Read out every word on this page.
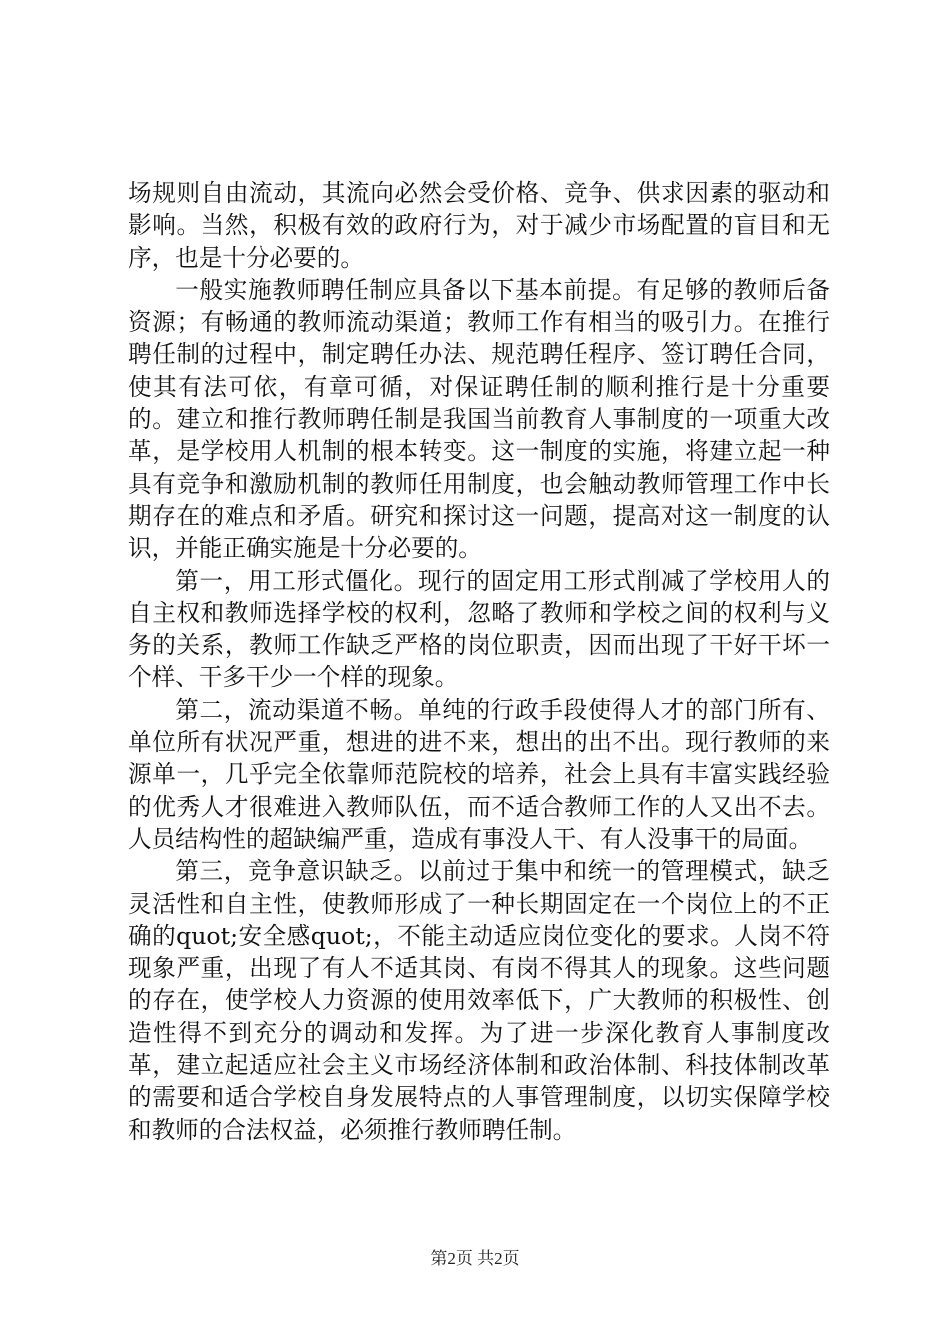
场规则自由流动，其流向必然会受价格、竞争、供求因素的驱动和影响。当然，积极有效的政府行为，对于减少市场配置的盲目和无序，也是十分必要的。

一般实施教师聘任制应具备以下基本前提。有足够的教师后备资源；有畅通的教师流动渠道；教师工作有相当的吸引力。在推行聘任制的过程中，制定聘任办法、规范聘任程序、签订聘任合同，使其有法可依，有章可循，对保证聘任制的顺利推行是十分重要的。建立和推行教师聘任制是我国当前教育人事制度的一项重大改革，是学校用人机制的根本转变。这一制度的实施，将建立起一种具有竞争和激励机制的教师任用制度，也会触动教师管理工作中长期存在的难点和矛盾。研究和探讨这一问题，提高对这一制度的认识，并能正确实施是十分必要的。

第一，用工形式僵化。现行的固定用工形式削减了学校用人的自主权和教师选择学校的权利，忽略了教师和学校之间的权利与义务的关系，教师工作缺乏严格的岗位职责，因而出现了干好干坏一个样、干多干少一个样的现象。

第二，流动渠道不畅。单纯的行政手段使得人才的部门所有、单位所有状况严重，想进的进不来，想出的出不出。现行教师的来源单一，几乎完全依靠师范院校的培养，社会上具有丰富实践经验的优秀人才很难进入教师队伍，而不适合教师工作的人又出不去。人员结构性的超缺编严重，造成有事没人干、有人没事干的局面。

第三，竞争意识缺乏。以前过于集中和统一的管理模式，缺乏灵活性和自主性，使教师形成了一种长期固定在一个岗位上的不正确的quot;安全感quot;，不能主动适应岗位变化的要求。人岗不符现象严重，出现了有人不适其岗、有岗不得其人的现象。这些问题的存在，使学校人力资源的使用效率低下，广大教师的积极性、创造性得不到充分的调动和发挥。为了进一步深化教育人事制度改革，建立起适应社会主义市场经济体制和政治体制、科技体制改革的需要和适合学校自身发展特点的人事管理制度，以切实保障学校和教师的合法权益，必须推行教师聘任制。

第2页 共2页
